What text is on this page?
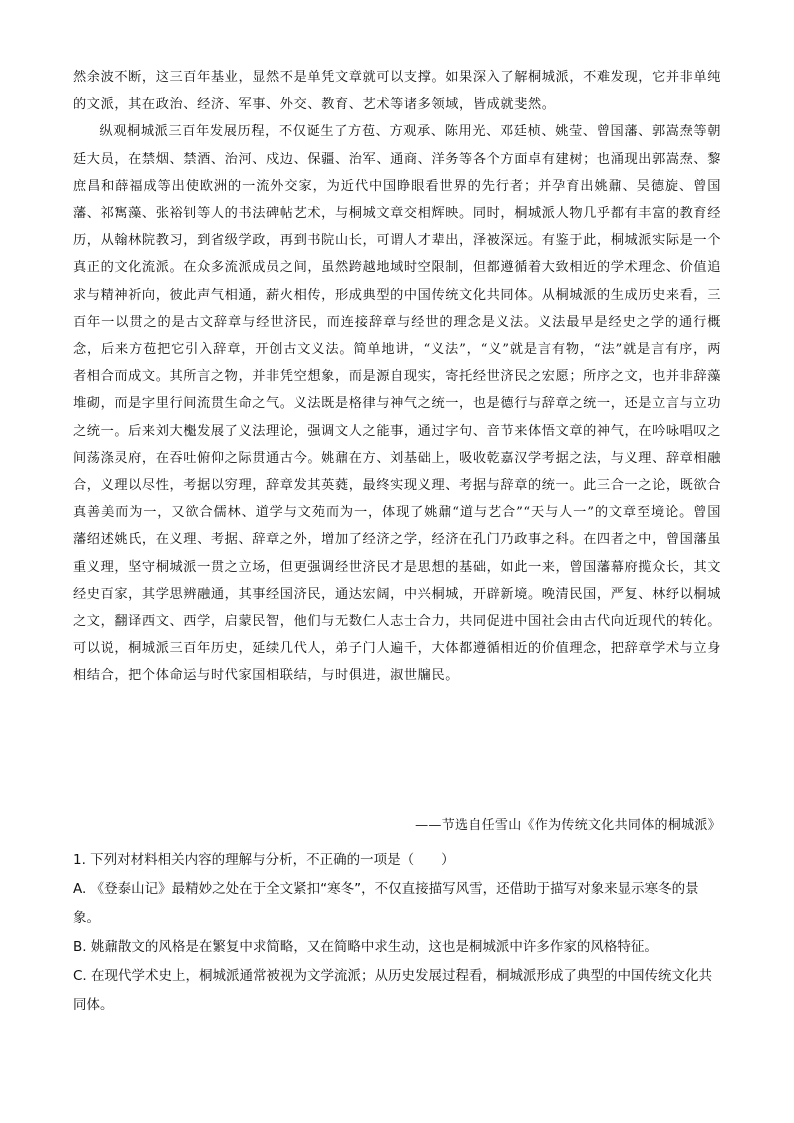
然余波不断，这三百年基业，显然不是单凭文章就可以支撑。如果深入了解桐城派，不难发现，它并非单纯的文派，其在政治、经济、军事、外交、教育、艺术等诸多领域，皆成就斐然。

纵观桐城派三百年发展历程，不仅诞生了方苞、方观承、陈用光、邓廷桢、姚莹、曾国藩、郭嵩焘等朝廷大员，在禁烟、禁酒、治河、戍边、保疆、治军、通商、洋务等各个方面卓有建树；也涌现出郭嵩焘、黎庶昌和薛福成等出使欧洲的一流外交家，为近代中国睁眼看世界的先行者；并孕育出姚鼐、吴德旋、曾国藩、祁寯藻、张裕钊等人的书法碑帖艺术，与桐城文章交相辉映。同时，桐城派人物几乎都有丰富的教育经历，从翰林院教习，到省级学政，再到书院山长，可谓人才辈出，泽被深远。有鉴于此，桐城派实际是一个真正的文化流派。在众多流派成员之间，虽然跨越地域时空限制，但都遵循着大致相近的学术理念、价值追求与精神祈向，彼此声气相通，薪火相传，形成典型的中国传统文化共同体。从桐城派的生成历史来看，三百年一以贯之的是古文辞章与经世济民，而连接辞章与经世的理念是义法。义法最早是经史之学的通行概念，后来方苞把它引入辞章，开创古文义法。简单地讲，“义法”，“义”就是言有物，“法”就是言有序，两者相合而成文。其所言之物，并非凭空想象，而是源自现实，寄托经世济民之宏愿；所序之文，也并非辞藻堆砌，而是字里行间流贯生命之气。义法既是格律与神气之统一，也是德行与辞章之统一，还是立言与立功之统一。后来刘大櫆发展了义法理论，强调文人之能事，通过字句、音节来体悟文章的神气，在吟咏唱叹之间荡涤灵府，在吞吐俯仰之际贯通古今。姚鼐在方、刘基础上，吸收乾嘉汉学考据之法，与义理、辞章相融合，义理以尽性，考据以穷理，辞章发其英蕤，最终实现义理、考据与辞章的统一。此三合一之论，既欲合真善美而为一，又欲合儒林、道学与文苑而为一，体现了姚鼐“道与艺合”“天与人一”的文章至境论。曾国藩绍述姚氏，在义理、考据、辞章之外，增加了经济之学，经济在孔门乃政事之科。在四者之中，曾国藩虽重义理，坚守桐城派一贯之立场，但更强调经世济民才是思想的基础，如此一来，曾国藩幕府揽众长，其文经史百家，其学思辨融通，其事经国济民，通达宏阔，中兴桐城，开辟新境。晚清民国，严复、林纾以桐城之文，翻译西文、西学，启蒙民智，他们与无数仁人志士合力，共同促进中国社会由古代向近现代的转化。可以说，桐城派三百年历史，延续几代人，弟子门人遍千，大体都遵循相近的价值理念，把辞章学术与立身相结合，把个体命运与时代家国相联结，与时俱进，淑世牖民。

——节选自任雪山《作为传统文化共同体的桐城派》

1. 下列对材料相关内容的理解与分析，不正确的一项是（　　）

A. 《登泰山记》最精妙之处在于全文紧扣“寒冬”，不仅直接描写风雪，还借助于描写对象来显示寒冬的景象。

B. 姚鼐散文的风格是在繁复中求简略，又在简略中求生动，这也是桐城派中许多作家的风格特征。

C. 在现代学术史上，桐城派通常被视为文学流派；从历史发展过程看，桐城派形成了典型的中国传统文化共同体。
